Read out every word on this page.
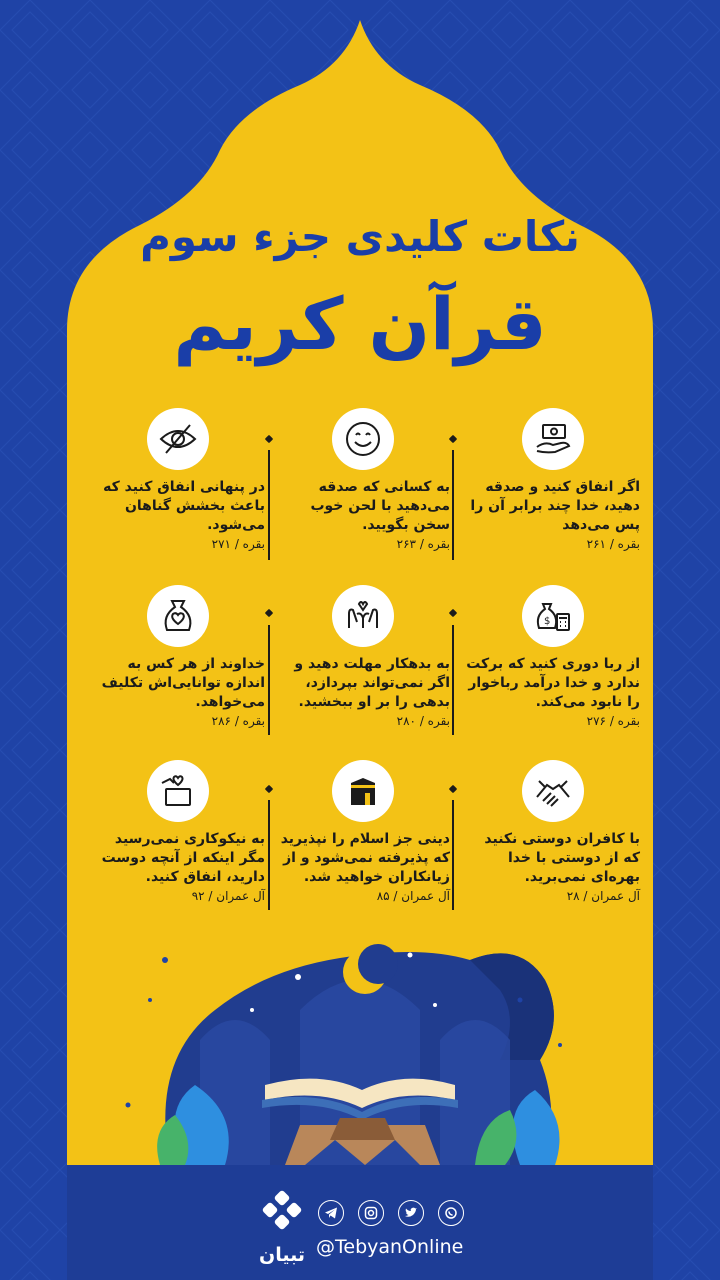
نکات کلیدی جزء سوم
قرآن کریم
اگر انفاق کنید و صدقه دهید، خدا چند برابر آن را پس می‌دهد
بقره / ۲۶۱
به کسانی که صدقه می‌دهید با لحن خوب سخن بگویید.
بقره / ۲۶۳
در پنهانی انفاق کنید که باعث بخشش گناهان می‌شود.
بقره / ۲۷۱
$
از ربا دوری کنید که برکت ندارد و خدا درآمد رباخوار را نابود می‌کند.
بقره / ۲۷۶
به بدهکار مهلت دهید و اگر نمی‌تواند بپردازد، بدهی را بر او ببخشید.
بقره / ۲۸۰
خداوند از هر کس به اندازه توانایی‌اش تکلیف می‌خواهد.
بقره / ۲۸۶
با کافران دوستی نکنید که از دوستی با خدا بهره‌ای نمی‌برید.
آل عمران / ۲۸
دینی جز اسلام را نپذیرید که پذیرفته نمی‌شود و از زیانکاران خواهید شد.
آل عمران / ۸۵
به نیکوکاری نمی‌رسید مگر اینکه از آنچه دوست دارید، انفاق کنید.
آل عمران / ۹۲
تبیان @TebyanOnline
